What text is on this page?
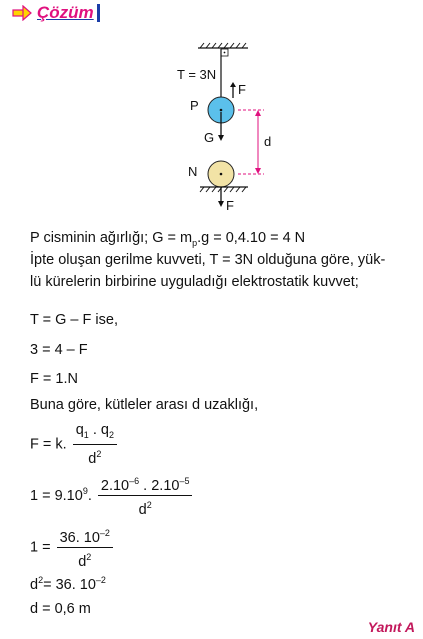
Çözüm
T = 3N
F
P
G	d
N
F
P cisminin ağırlığı; $G = m_p.g = 0,4.10 = 4$ N
İpte oluşan gerilme kuvveti, T = 3N olduğuna göre, yük-
lü kürelerin birbirine uyguladığı elektrostatik kuvvet;
T = G – F ise,
3 = 4 – F
F = 1.N
Buna göre, kütleler arası d uzaklığı,
F = k. $\frac{q_1 . q_2}{d^2}$
$1 = 9.10^9$. $\frac{2.10^{-6} . 2.10^{-5}}{d^2}$
$1 = \frac{36. 10^{-2}}{d^2}$
$d^2= 36$. $10^{-2}$
d = 0,6 m
Yanıt A
